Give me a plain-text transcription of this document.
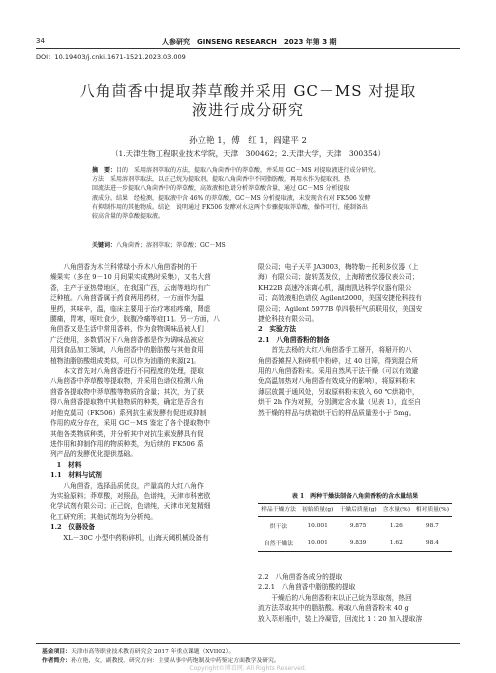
34	人参研究　GINSENG RESEARCH　2023 年第 3 期
DOI：10.19403/j.cnki.1671-1521.2023.03.009
八角茴香中提取莽草酸并采用 GC－MS 对提取
液进行成分研究
孙立艳 1，傅　红 1，阎建平 2
（1.天津生物工程职业技术学院，天津　300462；2.天津大学，天津　300354）
摘　要：目的　采用溶剂萃取的方法，提取八角茴香中的莽草酸，并采用 GC－MS 对提取液进行成分研究。
方法　采用溶剂萃取法，以正己烷为提取剂，提取八角茴香中不同脂肪酸，再用水作为提取剂，热
回流法进一步提取八角茴香中的莽草酸，高效液相色谱分析莽草酸含量，通过 GC－MS 分析提取
液成分。结果　经检测，提取液中含 46% 的莽草酸，GC－MS 分析提取液，未发现含有对 FK506 发酵
有抑制作用的其他物质。结论　说明通过 FK506 发酵对水这两个步骤提取莽草酸，操作可行，能制备出
较高含量的莽草酸提取液。
关键词：八角茴香；溶剂萃取；莽草酸；GC－MS
　　八角茴香为木兰科常绿小乔木八角茴香树的干
燥果实（多在 9－10 月间果实成熟时采集），又名大茴
香，主产于亚热带地区，在我国广西，云南等地均有广
泛种植。八角茴香属于药食两用药材，一方面作为温
里药，其味辛，温，临床主要用于治疗寒疝疼痛，肾虚
腰痛，胃寒，呕吐食少，脘腹冷痛等症[1]。另一方面，八
角茴香又是生活中常用香料，作为食物调味品被人们
广泛使用，多数情况下八角茴香都是作为调味品被应
用到食品加工领域，八角茴香中的脂肪酸与其他食用
植物油脂肪酸组成类似，可以作为油脂的来源[2]。
　　本文首先对八角茴香进行不同程度的处理，提取
八角茴香中莽草酸等提取物，并采用色谱仪检测八角
茴香各提取物中莽草酸等物质的含量；其次，为了获
得八角茴香提取物中其他物质的种类，确定是否含有
对他克莫司（FK506）系列抗生素发酵有促进或抑制
作用的成分存在，采用 GC－MS 鉴定了各个提取物中
其他各类物质种类，并分析其中对抗生素发酵具有促
进作用和抑制作用的物质种类，为后续的 FK506 系
列产品的发酵优化提供基础。
　1　材料
1.1　材料与试剂
　　八角茴香，选择品质优良，产量高的大红八角作
为实验原料；莽草酸，对照品，色谱纯，天津市科密欧
化学试剂有限公司；正己烷，色谱纯，天津市光复精细
化工研究所；其他试剂均为分析纯。
1.2　仪器设备
　　XL－30C 小型中药粉碎机，山海天阈机械设备有
限公司；电子天平 JA3003，梅特勒－托利多仪器（上
海）有限公司；旋转蒸发仪，上海精密仪器仪表公司；
KH22B 高速冷冻离心机，湖南凯达科学仪器有限公
司；高效液相色谱仪 Agilent2000，美国安捷伦科技有
限公司；Agilent 5977B 单四极杆气质联用仪，美国安
捷伦科技有限公司。
2　实验方法
2.1　八角茴香粉的制备
　　首先去杨的大红八角茴香手工掰开，将掰开的八
角茴香摊捏入粉碎机中粉碎，过 40 目筛，得到混合所
用的八角茴香粉末。采用自然风干法干燥（可以有效避
免高温加热对八角茴香有效成分的影响），将原料粉末
薄层放置于通风处，另取原料粉末放入 60 ℃烘箱中，
烘干 2h 作为对照，分别测定含水量（见表 1），直至自
然干燥的样品与烘箱烘干后的样品质量差小于 5mg。
表 1　两种干燥法制备八角茴香粉的含水量结果
样品干燥方法	初始质量(g)	干燥后质量(g)	含水量(%)	相对质量(%)
烘干法	10.001	9.875	1.26	98.7
自然干燥法	10.001	9.839	1.62	98.4
2.2　八角茴香各成分的提取
2.2.1　八角茴香中脂肪酸的提取
　　干燥后的八角茴香粉末以正己烷为萃取剂，热回
流方法萃取其中的脂肪酸。称取八角茴香粉末 40 g
放入萃形瓶中，装上冷凝管，回流比 1∶20 加入提取溶
基金项目：天津市高等职业技术教育研究会 2017 年重点课题（XVII02）。
作者简介：孙立艳，女，副教授，研究方向：主要从事中药饱制及中药鉴定方面教学及研究。
Copyright©博看网. All Rights Reserved.
